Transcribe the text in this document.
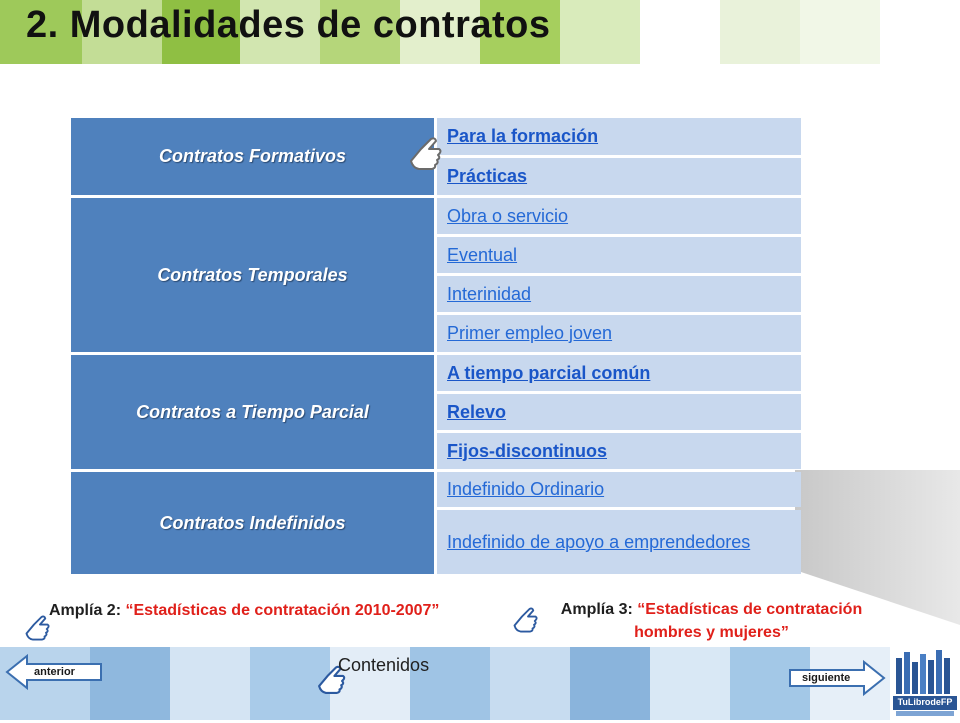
2. Modalidades de contratos
Contratos Formativos
Para la formación
Prácticas
Contratos Temporales
Obra o servicio
Eventual
Interinidad
Primer empleo joven
Contratos a Tiempo Parcial
A tiempo parcial común
Relevo
Fijos-discontinuos
Contratos Indefinidos
Indefinido Ordinario
Indefinido de apoyo a emprendedores
Amplía 2: “Estadísticas de contratación 2010-2007”	Amplía 3: “Estadísticas de contratación
hombres y mujeres”
anterior	Contenidos
siguiente
TuLibrodeFP
